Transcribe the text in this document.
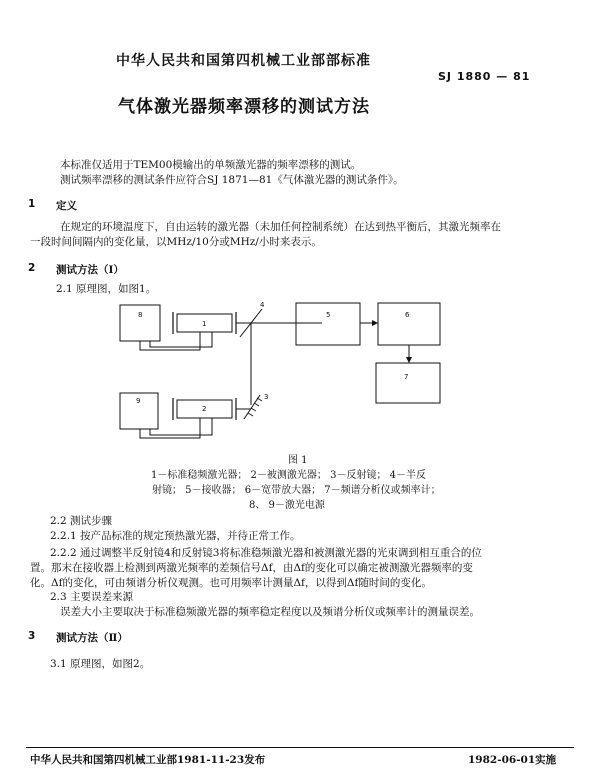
中华人民共和国第四机械工业部部标准
SJ 1880 — 81
气体激光器频率漂移的测试方法
本标准仅适用于TEM00模输出的单频激光器的频率漂移的测试。
测试频率漂移的测试条件应符合SJ 1871—81《气体激光器的测试条件》。
1 定义
在规定的环境温度下，自由运转的激光器（未加任何控制系统）在达到热平衡后，其激光频率在
一段时间间隔内的变化量，以MHz/10分或MHz/小时来表示。
2 测试方法（Ⅰ）
2.1 原理图，如图1。
8
1
4
5	6
7
9
2
3
图 1
1－标准稳频激光器； 2－被测激光器； 3－反射镜； 4－半反
射镜； 5－接收器； 6－宽带放大器； 7－频谱分析仪或频率计；
8、 9－激光电源
2.2 测试步骤
2.2.1 按产品标准的规定预热激光器，并待正常工作。
2.2.2 通过调整半反射镜4和反射镜3将标准稳频激光器和被测激光器的光束调到相互重合的位
置。那末在接收器上检测到两激光频率的差频信号Δf，由Δf的变化可以确定被测激光器频率的变
化。Δf的变化，可由频谱分析仪观测。也可用频率计测量Δf，以得到Δf随时间的变化。
2.3 主要误差来源
误差大小主要取决于标准稳频激光器的频率稳定程度以及频谱分析仪或频率计的测量误差。
3 测试方法（Ⅱ）
3.1 原理图，如图2。
中华人民共和国第四机械工业部1981-11-23发布	1982-06-01实施
